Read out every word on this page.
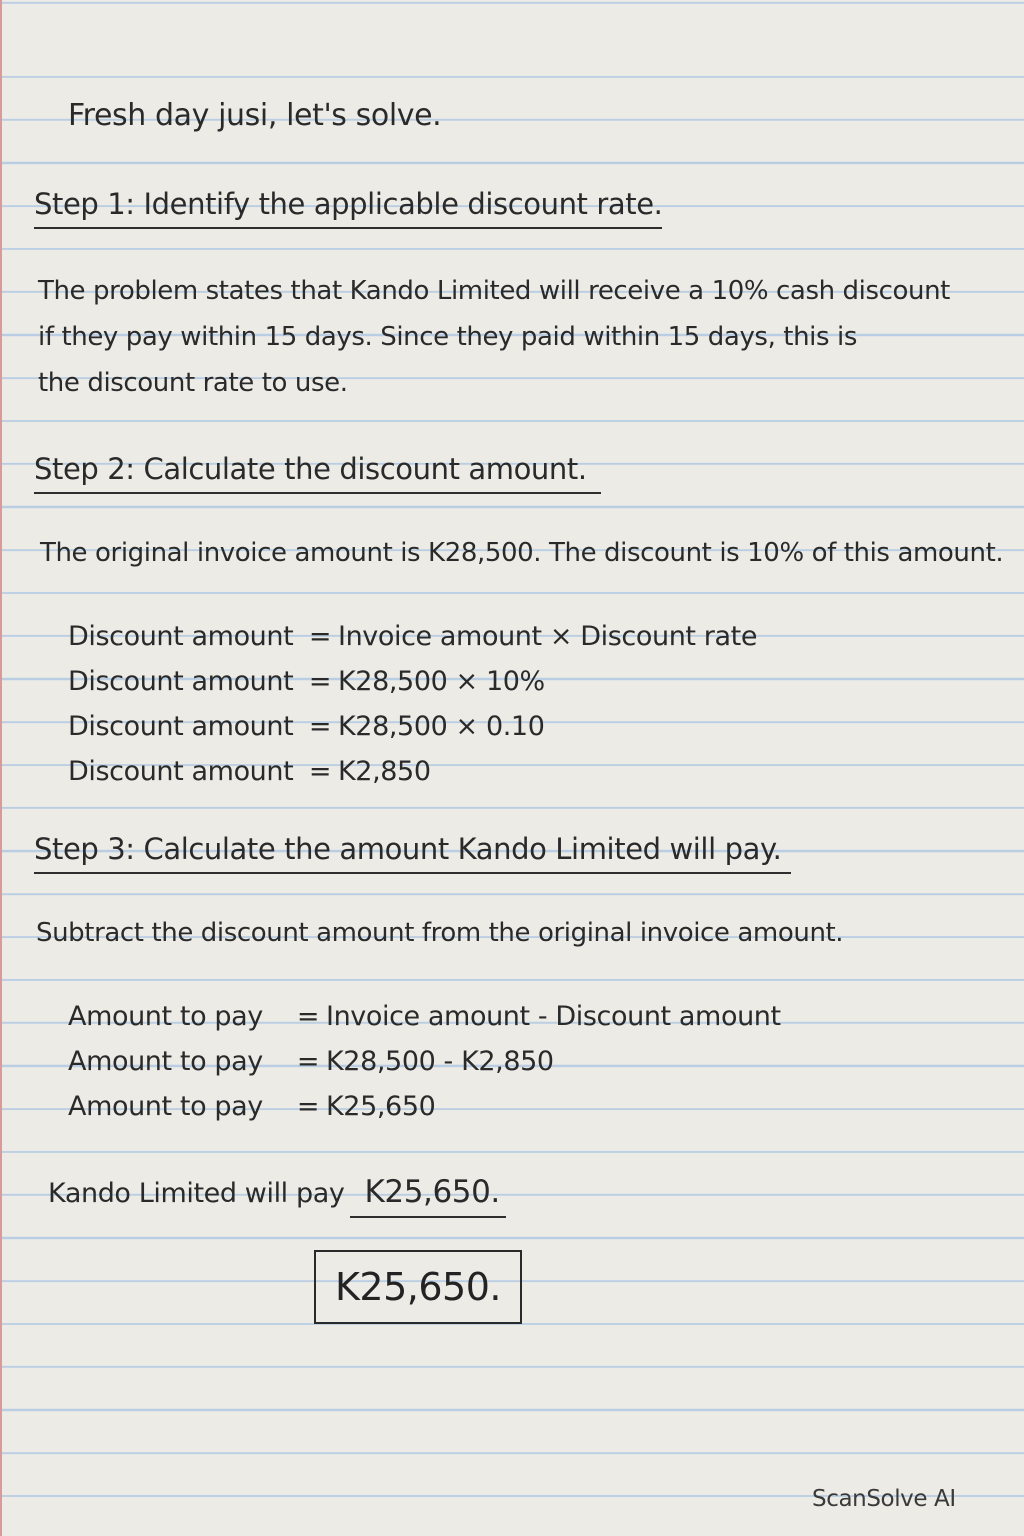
Fresh day jusi, let's solve.
Step 1: Identify the applicable discount rate.
The problem states that Kando Limited will receive a 10% cash discount
if they pay within 15 days. Since they paid within 15 days, this is
the discount rate to use.
Step 2: Calculate the discount amount.
The original invoice amount is K28,500. The discount is 10% of this amount.
Discount amount = Invoice amount × Discount rate
Discount amount = K28,500 × 10%
Discount amount = K28,500 × 0.10
Discount amount = K2,850
Step 3: Calculate the amount Kando Limited will pay.
Subtract the discount amount from the original invoice amount.
Amount to pay = Invoice amount - Discount amount
Amount to pay = K28,500 - K2,850
Amount to pay = K25,650
Kando Limited will pay K25,650.
K25,650.
ScanSolve AI
